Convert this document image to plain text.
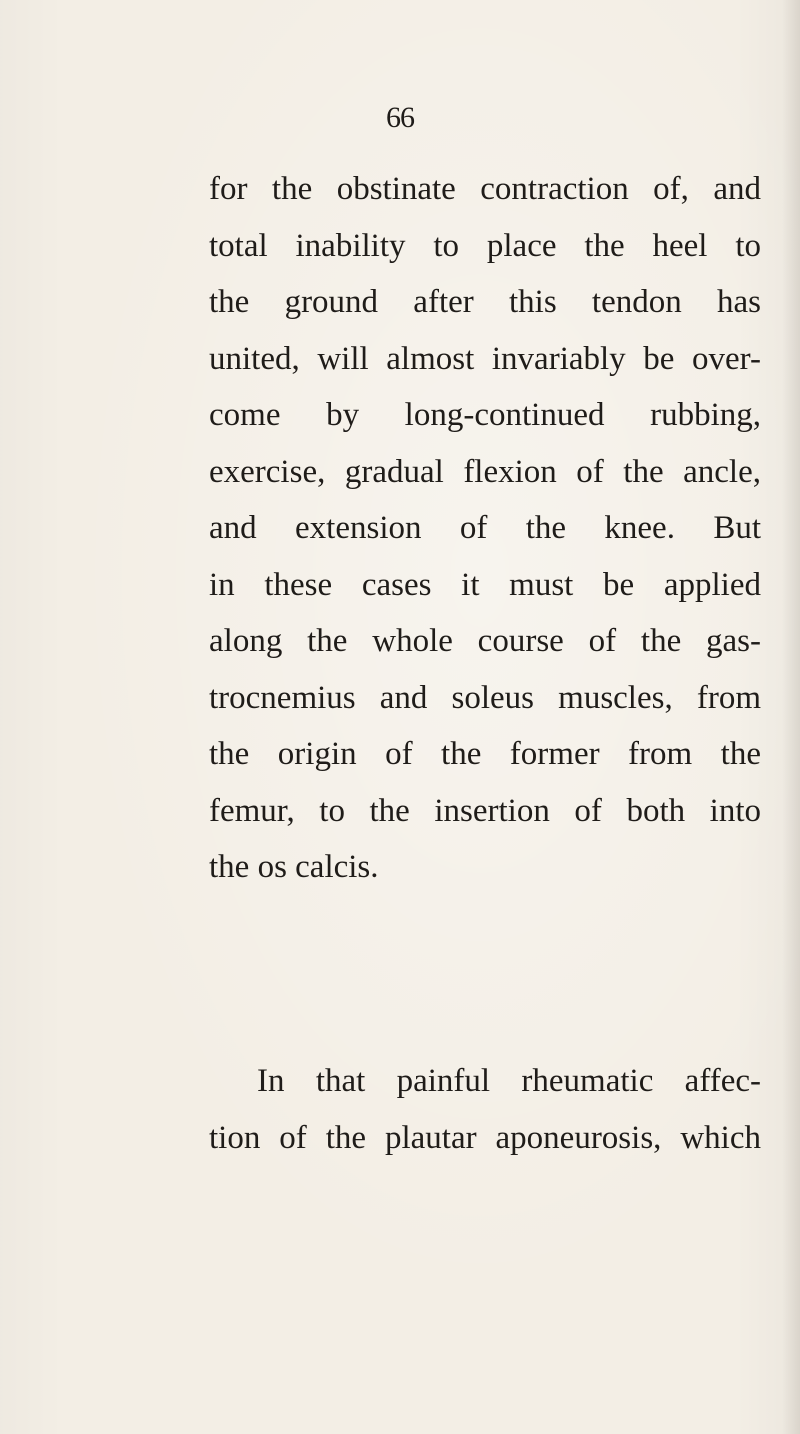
66

for the obstinate contraction of, and
total inability to place the heel to
the ground after this tendon has
united, will almost invariably be over-
come by long-continued rubbing,
exercise, gradual flexion of the ancle,
and extension of the knee. But
in these cases it must be applied
along the whole course of the gas-
trocnemius and soleus muscles, from
the origin of the former from the
femur, to the insertion of both into
the os calcis.

In that painful rheumatic affec-
tion of the plautar aponeurosis, which
